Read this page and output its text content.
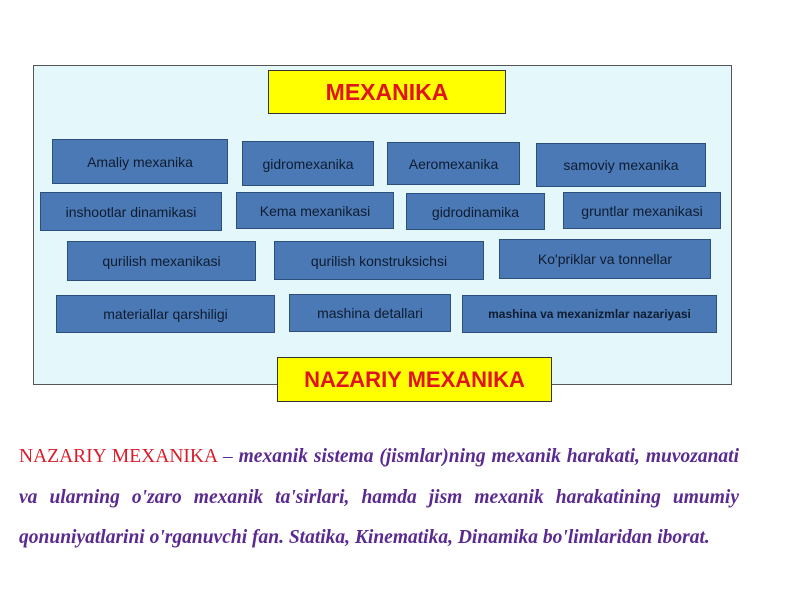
MEXANIKA
Amaliy mexanika	gidromexanika	Aeromexanika	samoviy mexanika
inshootlar dinamikasi	Kema mexanikasi	gidrodinamika	gruntlar mexanikasi
qurilish mexanikasi	qurilish konstruksichsi	Ko'priklar va tonnellar
materiallar qarshiligi	mashina detallari	mashina va mexanizmlar nazariyasi
NAZARIY MEXANIKA

NAZARIY MEXANIKA – mexanik sistema (jismlar)ning mexanik harakati, muvozanati va ularning o'zaro mexanik ta'sirlari, hamda jism mexanik harakatining umumiy qonuniyatlarini o'rganuvchi fan. Statika, Kinematika, Dinamika bo'limlaridan iborat.
